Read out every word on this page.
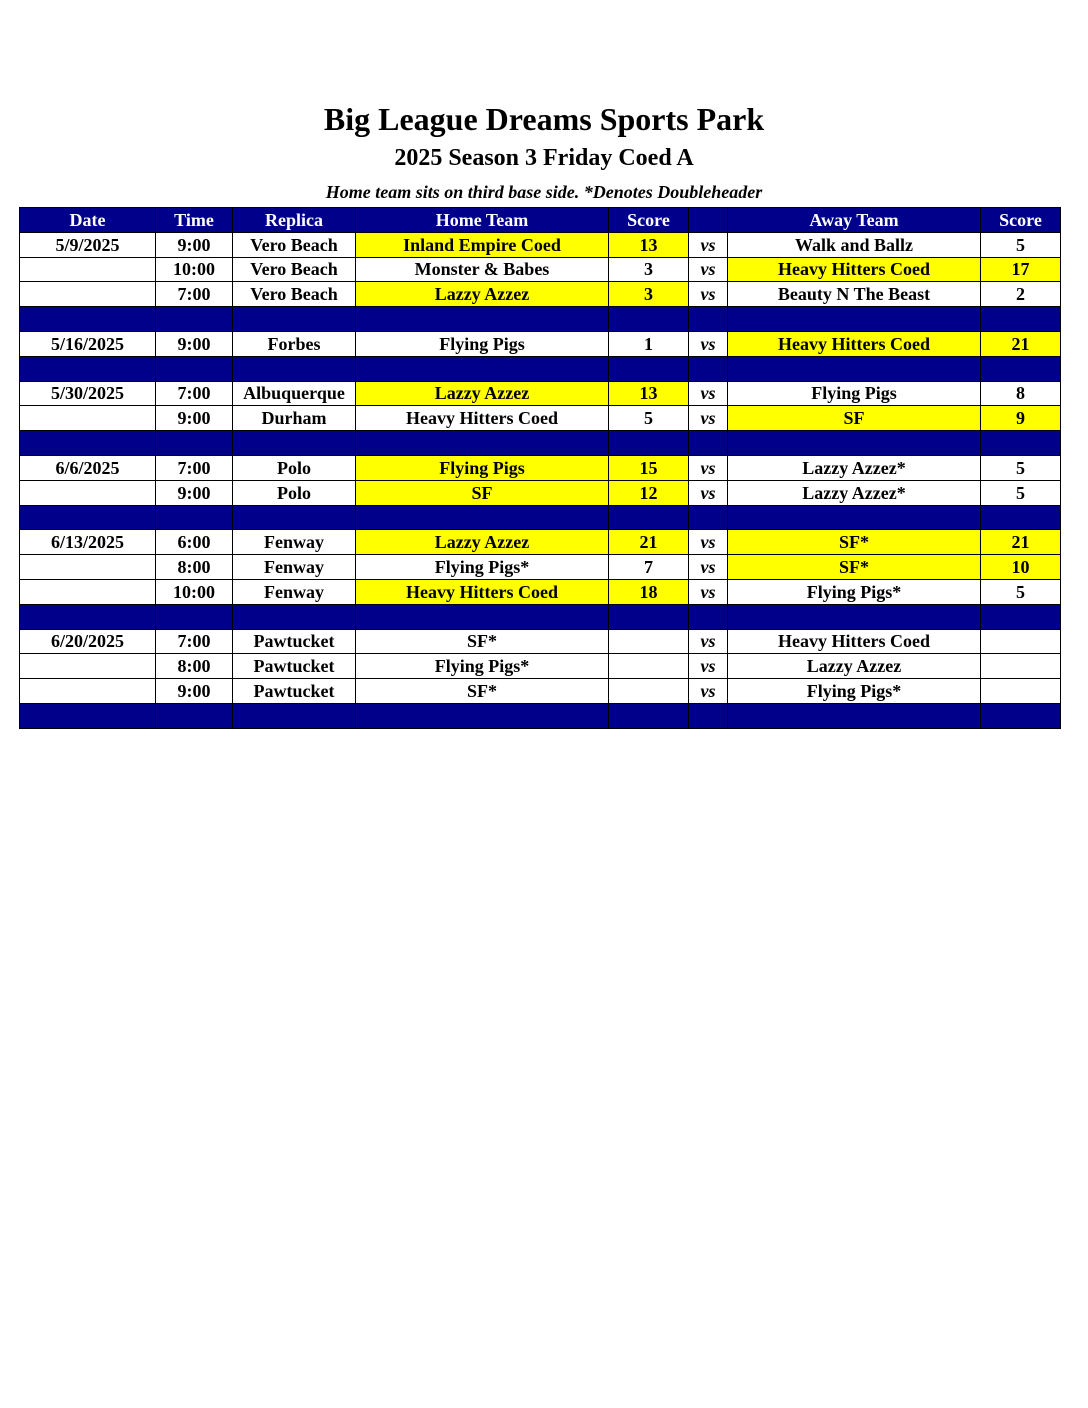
Big League Dreams Sports Park
2025 Season 3 Friday Coed A
Home team sits on third base side. *Denotes Doubleheader
Date	Time	Replica	Home Team	Score		Away Team	Score
5/9/2025	9:00	Vero Beach	Inland Empire Coed	13	vs	Walk and Ballz	5
	10:00	Vero Beach	Monster & Babes	3	vs	Heavy Hitters Coed	17
	7:00	Vero Beach	Lazzy Azzez	3	vs	Beauty N The Beast	2

5/16/2025	9:00	Forbes	Flying Pigs	1	vs	Heavy Hitters Coed	21

5/30/2025	7:00	Albuquerque	Lazzy Azzez	13	vs	Flying Pigs	8
	9:00	Durham	Heavy Hitters Coed	5	vs	SF	9

6/6/2025	7:00	Polo	Flying Pigs	15	vs	Lazzy Azzez*	5
	9:00	Polo	SF	12	vs	Lazzy Azzez*	5

6/13/2025	6:00	Fenway	Lazzy Azzez	21	vs	SF*	21
	8:00	Fenway	Flying Pigs*	7	vs	SF*	10
	10:00	Fenway	Heavy Hitters Coed	18	vs	Flying Pigs*	5

6/20/2025	7:00	Pawtucket	SF*		vs	Heavy Hitters Coed	
	8:00	Pawtucket	Flying Pigs*		vs	Lazzy Azzez	
	9:00	Pawtucket	SF*		vs	Flying Pigs*	
